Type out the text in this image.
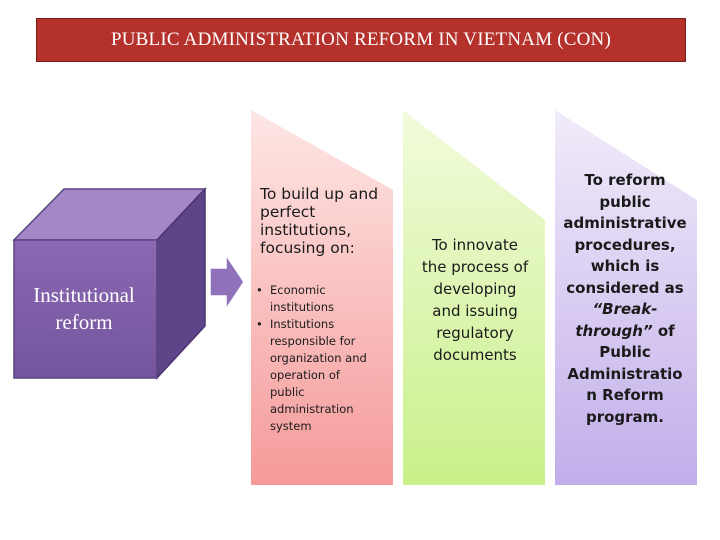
PUBLIC ADMINISTRATION REFORM IN VIETNAM (CON)
Institutional
reform
To build up and
perfect
institutions,
focusing on:
• Economic
institutions
• Institutions
responsible for
organization and
operation of
public
administration
system
To innovate
the process of
developing
and issuing
regulatory
documents
To reform
public
administrative
procedures,
which is
considered as
“Break-
through” of
Public
Administratio
n Reform
program.
